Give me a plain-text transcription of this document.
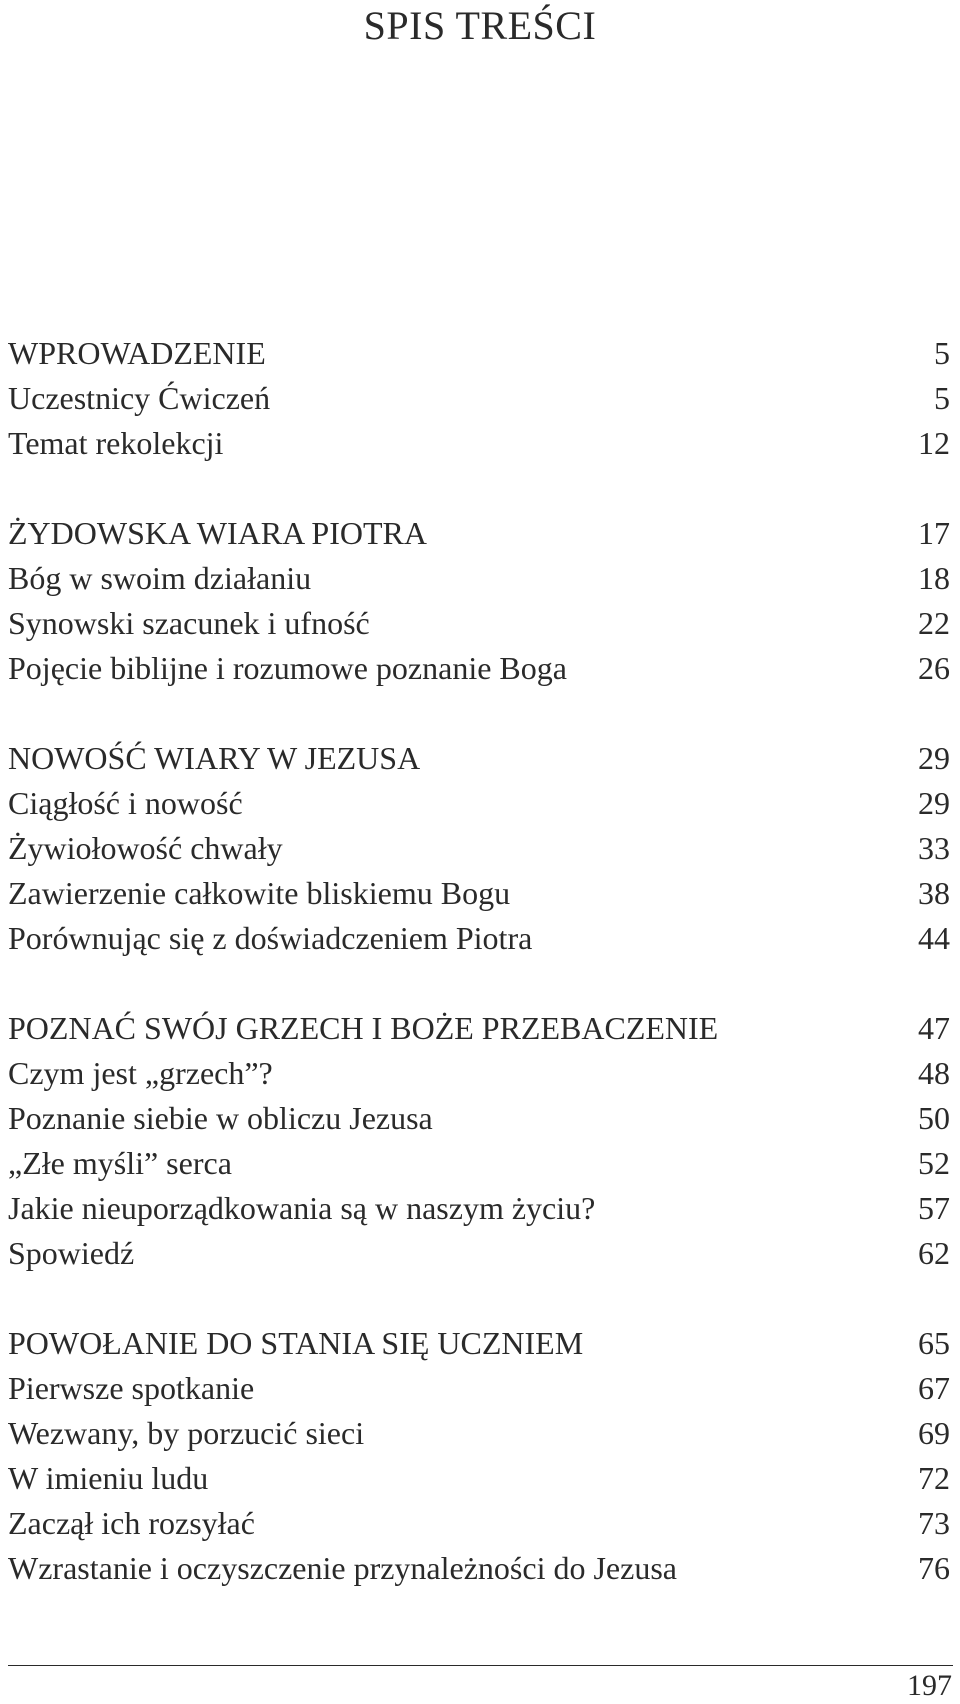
SPIS TREŚCI
WPROWADZENIE	5
Uczestnicy Ćwiczeń	5
Temat rekolekcji	12
ŻYDOWSKA WIARA PIOTRA	17
Bóg w swoim działaniu	18
Synowski szacunek i ufność	22
Pojęcie biblijne i rozumowe poznanie Boga	26
NOWOŚĆ WIARY W JEZUSA	29
Ciągłość i nowość	29
Żywiołowość chwały	33
Zawierzenie całkowite bliskiemu Bogu	38
Porównując się z doświadczeniem Piotra	44
POZNAĆ SWÓJ GRZECH I BOŻE PRZEBACZENIE	47
Czym jest „grzech”?	48
Poznanie siebie w obliczu Jezusa	50
„Złe myśli” serca	52
Jakie nieuporządkowania są w naszym życiu?	57
Spowiedź	62
POWOŁANIE DO STANIA SIĘ UCZNIEM	65
Pierwsze spotkanie	67
Wezwany, by porzucić sieci	69
W imieniu ludu	72
Zaczął ich rozsyłać	73
Wzrastanie i oczyszczenie przynależności do Jezusa	76
197
